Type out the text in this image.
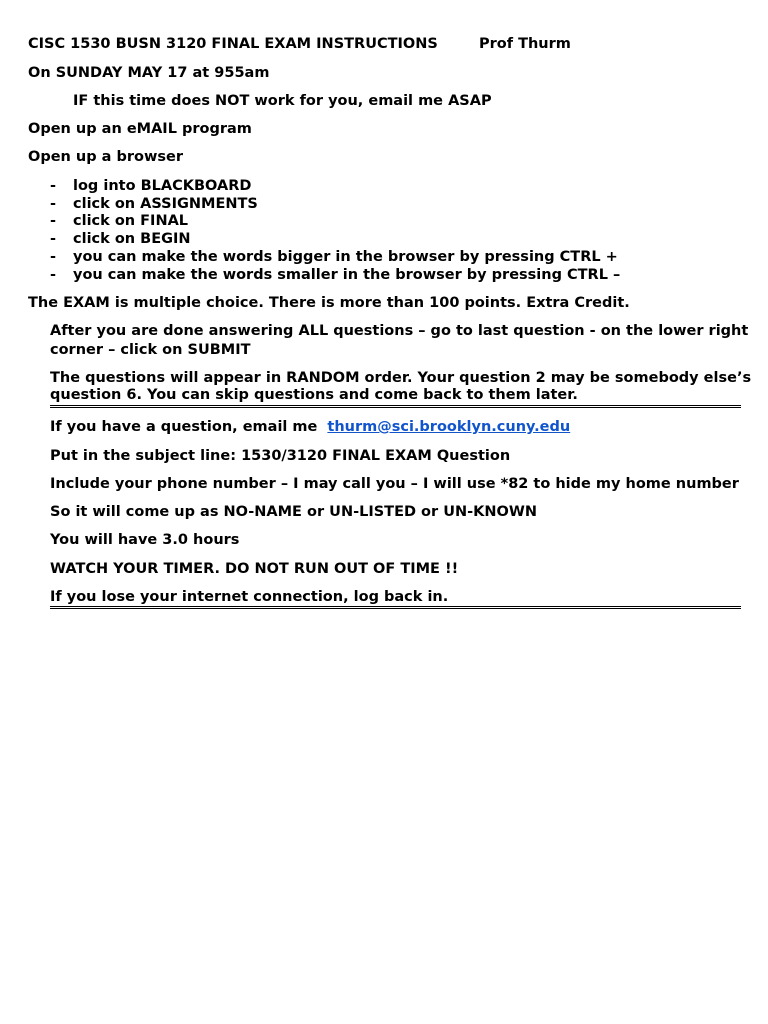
CISC 1530 BUSN 3120 FINAL EXAM INSTRUCTIONS	Prof Thurm
On SUNDAY MAY 17 at 955am
IF this time does NOT work for you, email me ASAP
Open up an eMAIL program
Open up a browser
- log into BLACKBOARD
- click on ASSIGNMENTS
- click on FINAL
- click on BEGIN
- you can make the words bigger in the browser by pressing CTRL +
- you can make the words smaller in the browser by pressing CTRL –
The EXAM is multiple choice. There is more than 100 points. Extra Credit.
After you are done answering ALL questions – go to last question - on the lower right
corner – click on SUBMIT
The questions will appear in RANDOM order. Your question 2 may be somebody else’s
question 6. You can skip questions and come back to them later.
If you have a question, email me thurm@sci.brooklyn.cuny.edu
Put in the subject line: 1530/3120 FINAL EXAM Question
Include your phone number – I may call you – I will use *82 to hide my home number
So it will come up as NO-NAME or UN-LISTED or UN-KNOWN
You will have 3.0 hours
WATCH YOUR TIMER. DO NOT RUN OUT OF TIME !!
If you lose your internet connection, log back in.
